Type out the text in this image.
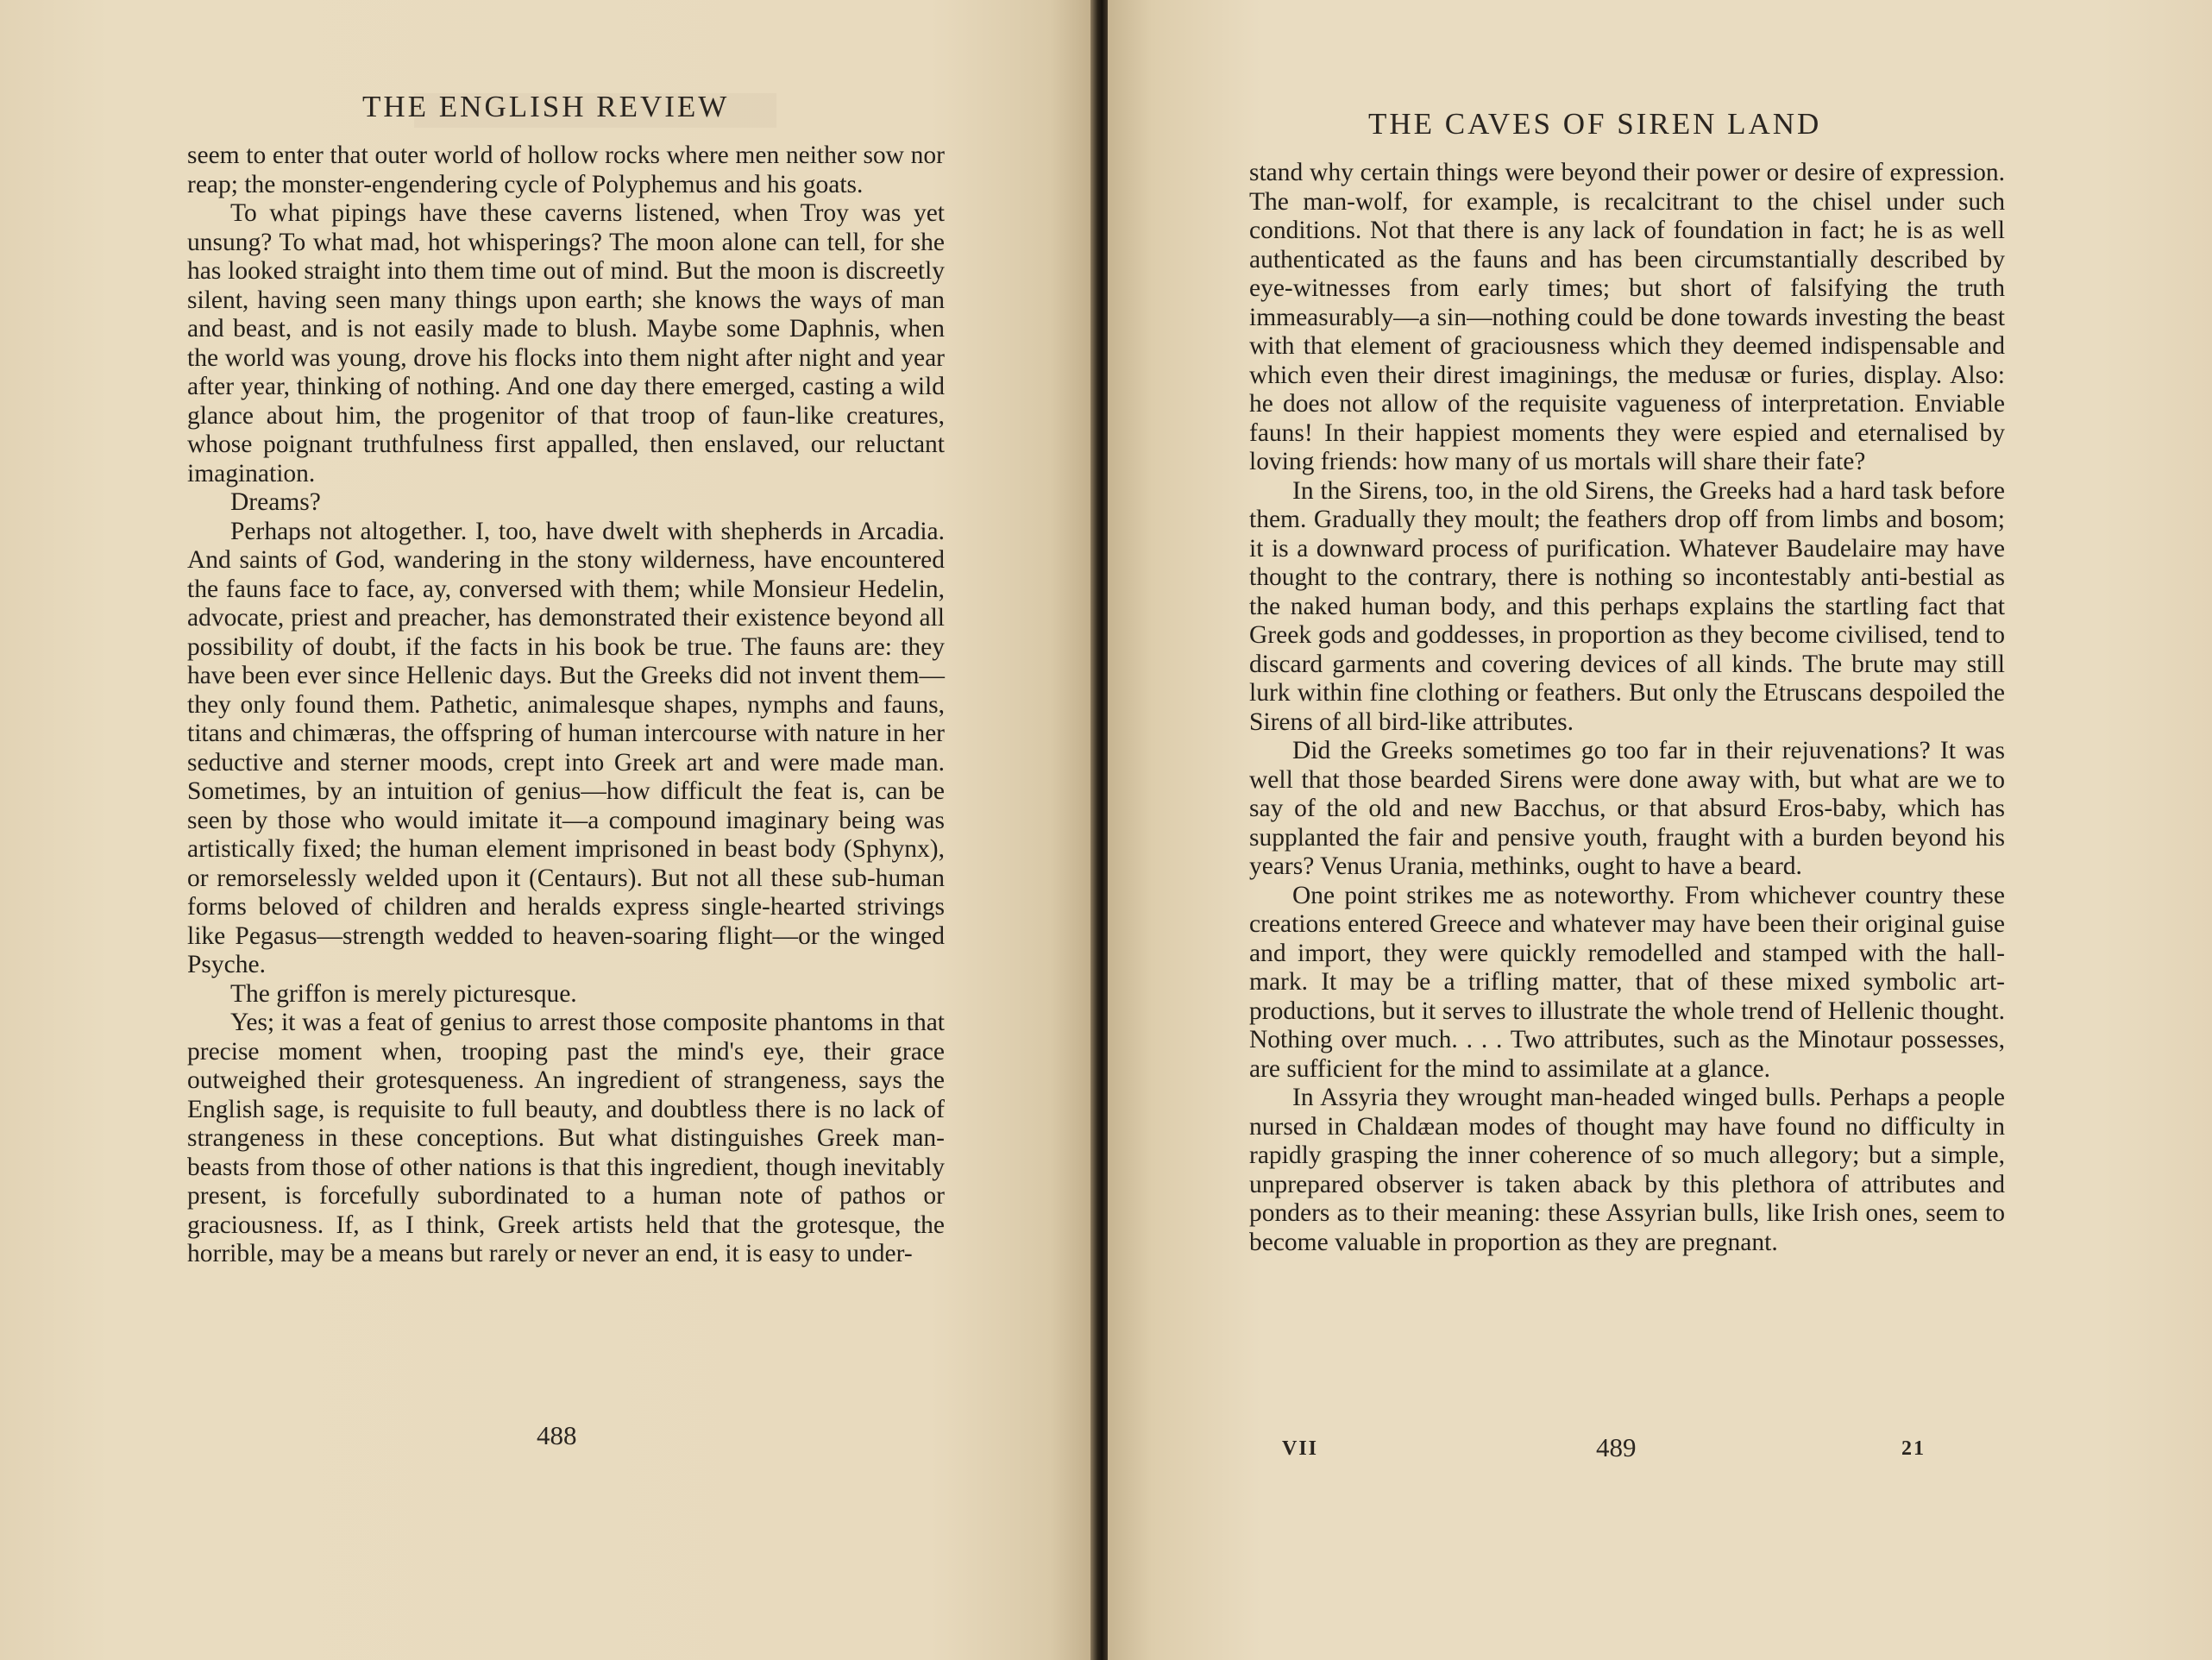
THE ENGLISH REVIEW

seem to enter that outer world of hollow rocks where men neither sow nor reap; the monster-engendering cycle of Polyphemus and his goats.

To what pipings have these caverns listened, when Troy was yet unsung? To what mad, hot whisperings? The moon alone can tell, for she has looked straight into them time out of mind. But the moon is discreetly silent, having seen many things upon earth; she knows the ways of man and beast, and is not easily made to blush. Maybe some Daphnis, when the world was young, drove his flocks into them night after night and year after year, thinking of nothing. And one day there emerged, casting a wild glance about him, the progenitor of that troop of faun-like creatures, whose poignant truthfulness first appalled, then enslaved, our reluctant imagination.

Dreams?

Perhaps not altogether. I, too, have dwelt with shepherds in Arcadia. And saints of God, wandering in the stony wilderness, have encountered the fauns face to face, ay, conversed with them; while Monsieur Hedelin, advocate, priest and preacher, has demonstrated their existence beyond all possibility of doubt, if the facts in his book be true. The fauns are: they have been ever since Hellenic days. But the Greeks did not invent them—they only found them. Pathetic, animalesque shapes, nymphs and fauns, titans and chimæras, the offspring of human intercourse with nature in her seductive and sterner moods, crept into Greek art and were made man. Sometimes, by an intuition of genius—how difficult the feat is, can be seen by those who would imitate it—a compound imaginary being was artistically fixed; the human element imprisoned in beast body (Sphynx), or remorselessly welded upon it (Centaurs). But not all these sub-human forms beloved of children and heralds express single-hearted strivings like Pegasus—strength wedded to heaven-soaring flight—or the winged Psyche.

The griffon is merely picturesque.

Yes; it was a feat of genius to arrest those composite phantoms in that precise moment when, trooping past the mind's eye, their grace outweighed their grotesqueness. An ingredient of strangeness, says the English sage, is requisite to full beauty, and doubtless there is no lack of strangeness in these conceptions. But what distinguishes Greek man-beasts from those of other nations is that this ingredient, though inevitably present, is forcefully subordinated to a human note of pathos or graciousness. If, as I think, Greek artists held that the grotesque, the horrible, may be a means but rarely or never an end, it is easy to under-

488
THE CAVES OF SIREN LAND

stand why certain things were beyond their power or desire of expression. The man-wolf, for example, is recalcitrant to the chisel under such conditions. Not that there is any lack of foundation in fact; he is as well authenticated as the fauns and has been circumstantially described by eye-witnesses from early times; but short of falsifying the truth immeasurably—a sin—nothing could be done towards investing the beast with that element of graciousness which they deemed indispensable and which even their direst imaginings, the medusæ or furies, display. Also: he does not allow of the requisite vagueness of interpretation. Enviable fauns! In their happiest moments they were espied and eternalised by loving friends: how many of us mortals will share their fate?

In the Sirens, too, in the old Sirens, the Greeks had a hard task before them. Gradually they moult; the feathers drop off from limbs and bosom; it is a downward process of purification. Whatever Baudelaire may have thought to the contrary, there is nothing so incontestably anti-bestial as the naked human body, and this perhaps explains the startling fact that Greek gods and goddesses, in proportion as they become civilised, tend to discard garments and covering devices of all kinds. The brute may still lurk within fine clothing or feathers. But only the Etruscans despoiled the Sirens of all bird-like attributes.

Did the Greeks sometimes go too far in their rejuvenations? It was well that those bearded Sirens were done away with, but what are we to say of the old and new Bacchus, or that absurd Eros-baby, which has supplanted the fair and pensive youth, fraught with a burden beyond his years? Venus Urania, methinks, ought to have a beard.

One point strikes me as noteworthy. From whichever country these creations entered Greece and whatever may have been their original guise and import, they were quickly remodelled and stamped with the hall-mark. It may be a trifling matter, that of these mixed symbolic art-productions, but it serves to illustrate the whole trend of Hellenic thought. Nothing over much. . . . Two attributes, such as the Minotaur possesses, are sufficient for the mind to assimilate at a glance.

In Assyria they wrought man-headed winged bulls. Perhaps a people nursed in Chaldæan modes of thought may have found no difficulty in rapidly grasping the inner coherence of so much allegory; but a simple, unprepared observer is taken aback by this plethora of attributes and ponders as to their meaning: these Assyrian bulls, like Irish ones, seem to become valuable in proportion as they are pregnant.

VII	489	21
